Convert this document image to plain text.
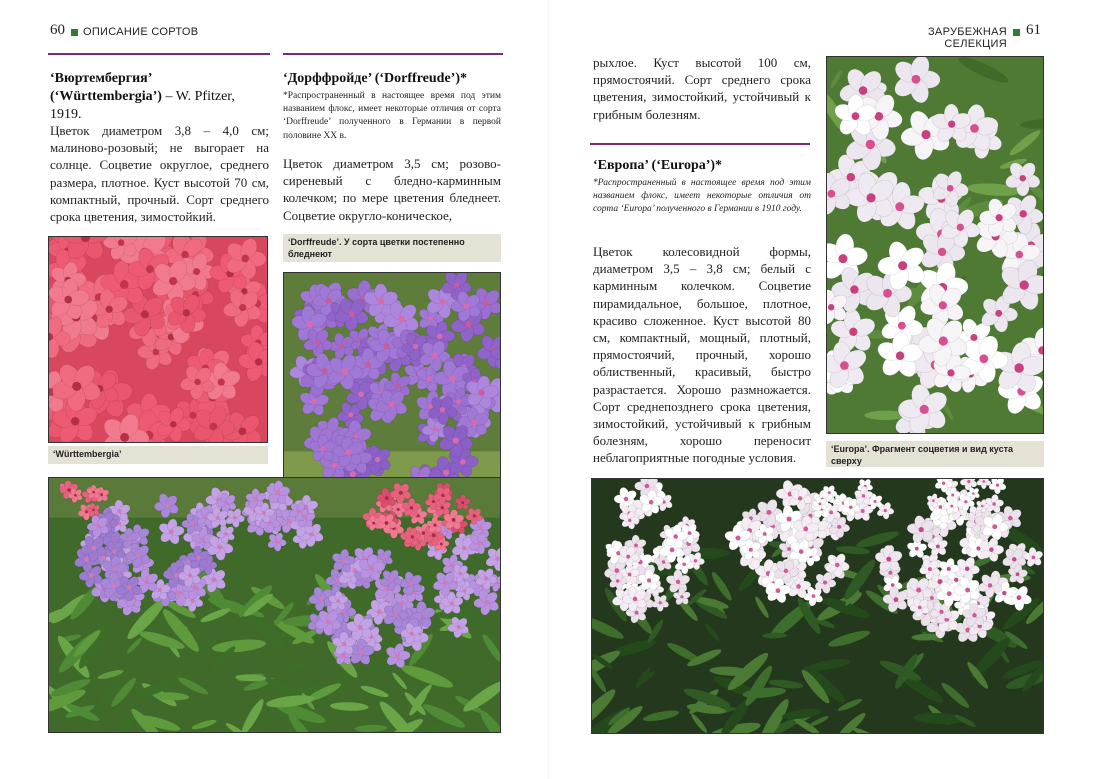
60 ОПИСАНИЕ СОРТОВ	ЗАРУБЕЖНАЯ СЕЛЕКЦИЯ
61
‘Вюртембергия’
(‘Württembergia’) – W. Pfitzer,
1919.
Цветок диаметром 3,8 – 4,0 см; малиново-розовый; не выгорает на солнце. Соцветие округлое, среднего размера, плотное. Куст высотой 70 см, компактный, прочный. Сорт среднего срока цветения, зимостойкий.
‘Württembergia’
‘Дорффройде’ (‘Dorffreude’)*
*Распространенный в настоящее время под этим названием флокс, имеет некоторые отличия от сорта ‘Dorffreude’ полученного в Германии в первой половине XX в.
Цветок диаметром 3,5 см; розово-сиреневый с бледно-карминным колечком; по мере цветения бледнеет. Соцветие округло-коническое,
‘Dorffreude’. У сорта цветки постепенно бледнеют
рыхлое. Куст высотой 100 см, прямостоячий. Сорт среднего срока цветения, зимостойкий, устойчивый к грибным болезням.
‘Европа’ (‘Europa’)*
*Распространенный в настоящее время под этим названием флокс, имеет некоторые отличия от сорта ‘Europa’ полученного в Германии в 1910 году.
Цветок колесовидной формы, диаметром 3,5 – 3,8 см; белый с карминным колечком. Соцветие пирамидальное, большое, плотное, красиво сложенное. Куст высотой 80 см, компактный, мощный, плотный, прямостоячий, прочный, хорошо облиственный, красивый, быстро разрастается. Хорошо размножается. Сорт среднепозднего срока цветения, зимостойкий, устойчивый к грибным болезням, хорошо переносит неблагоприятные погодные условия.
‘Europa’. Фрагмент соцветия и вид куста сверху
